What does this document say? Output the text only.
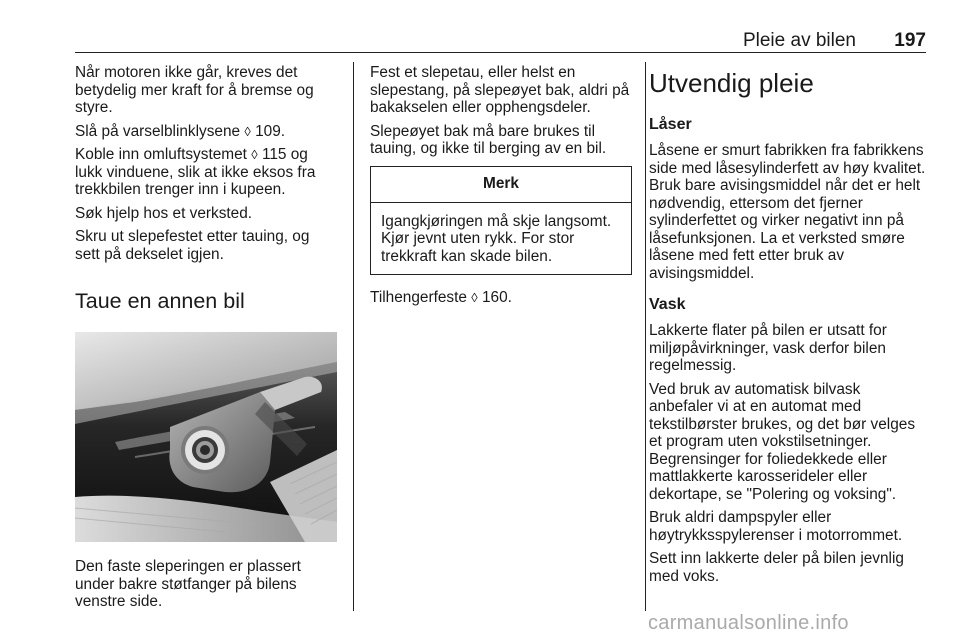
Pleie av bilen 197

Når motoren ikke går, kreves det betydelig mer kraft for å bremse og styre.

Slå på varselblinklysene ◊ 109.

Koble inn omluftsystemet ◊ 115 og lukk vinduene, slik at ikke eksos fra trekkbilen trenger inn i kupeen.

Søk hjelp hos et verksted.

Skru ut slepefestet etter tauing, og sett på dekselet igjen.

Taue en annen bil

Den faste sleperingen er plassert under bakre støtfanger på bilens venstre side.

Fest et slepetau, eller helst en slepestang, på slepeøyet bak, aldri på bakakselen eller opphengsdeler.

Slepeøyet bak må bare brukes til tauing, og ikke til berging av en bil.

Merk
Igangkjøringen må skje langsomt. Kjør jevnt uten rykk. For stor trekkraft kan skade bilen.

Tilhengerfeste ◊ 160.

Utvendig pleie
Låser

Låsene er smurt fabrikken fra fabrikkens side med låsesylinderfett av høy kvalitet. Bruk bare avisingsmiddel når det er helt nødvendig, ettersom det fjerner sylinderfettet og virker negativt inn på låsefunksjonen. La et verksted smøre låsene med fett etter bruk av avisingsmiddel.

Vask

Lakkerte flater på bilen er utsatt for miljøpåvirkninger, vask derfor bilen regelmessig.

Ved bruk av automatisk bilvask anbefaler vi at en automat med tekstilbørster brukes, og det bør velges et program uten vokstilsetninger. Begrensinger for foliedekkede eller mattlakkerte karosserideler eller dekortape, se "Polering og voksing".

Bruk aldri dampspyler eller høytrykksspylerenser i motorrommet.

Sett inn lakkerte deler på bilen jevnlig med voks.

carmanualsonline.info
